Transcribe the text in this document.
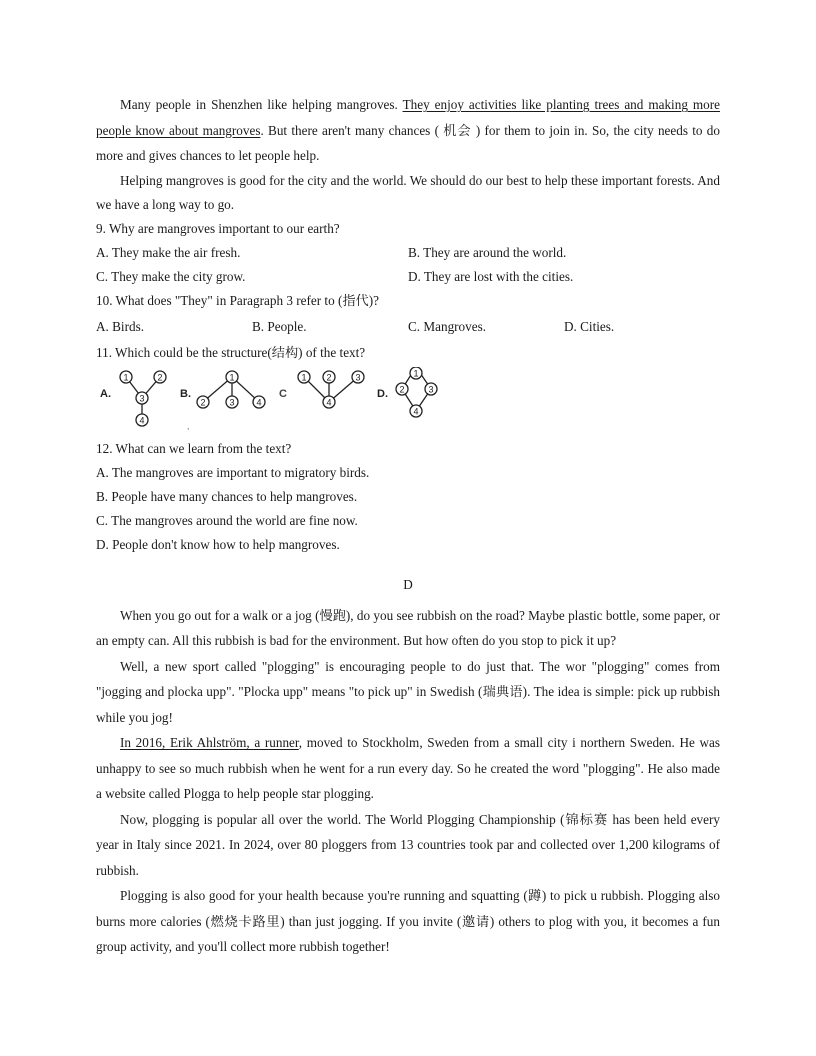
Many people in Shenzhen like helping mangroves. They enjoy activities like planting trees and making more people know about mangroves. But there aren't many chances ( 机会 ) for them to join in. So, the city needs to do more and gives chances to let people help.

Helping mangroves is good for the city and the world. We should do our best to help these important forests. And we have a long way to go.

9. Why are mangroves important to our earth?

A. They make the air fresh.	B. They are around the world.
C. They make the city grow.	D. They are lost with the cities.

10. What does "They" in Paragraph 3 refer to (指代)?

A. Birds.	B. People.	C. Mangroves.	D. Cities.

11. Which could be the structure(结构) of the text?

A.
1	2
3
4
B.
1
2	3 4
,
C
1 2	3
4
D.
1
2	3
4

12. What can we learn from the text?

A. The mangroves are important to migratory birds.

B. People have many chances to help mangroves.

C. The mangroves around the world are fine now.

D. People don't know how to help mangroves.

D

When you go out for a walk or a jog (慢跑), do you see rubbish on the road? Maybe plastic bottle, some paper, or an empty can. All this rubbish is bad for the environment. But how often do you stop to pick it up?

Well, a new sport called "plogging" is encouraging people to do just that. The wor "plogging" comes from "jogging and plocka upp". "Plocka upp" means "to pick up" in Swedish (瑞典语). The idea is simple: pick up rubbish while you jog!

In 2016, Erik Ahlström, a runner, moved to Stockholm, Sweden from a small city i northern Sweden. He was unhappy to see so much rubbish when he went for a run every day. So he created the word "plogging". He also made a website called Plogga to help people star plogging.

Now, plogging is popular all over the world. The World Plogging Championship (锦标赛 has been held every year in Italy since 2021. In 2024, over 80 ploggers from 13 countries took par and collected over 1,200 kilograms of rubbish.

Plogging is also good for your health because you're running and squatting (蹲) to pick u rubbish. Plogging also burns more calories (燃烧卡路里) than just jogging. If you invite (邀请) others to plog with you, it becomes a fun group activity, and you'll collect more rubbish together!
